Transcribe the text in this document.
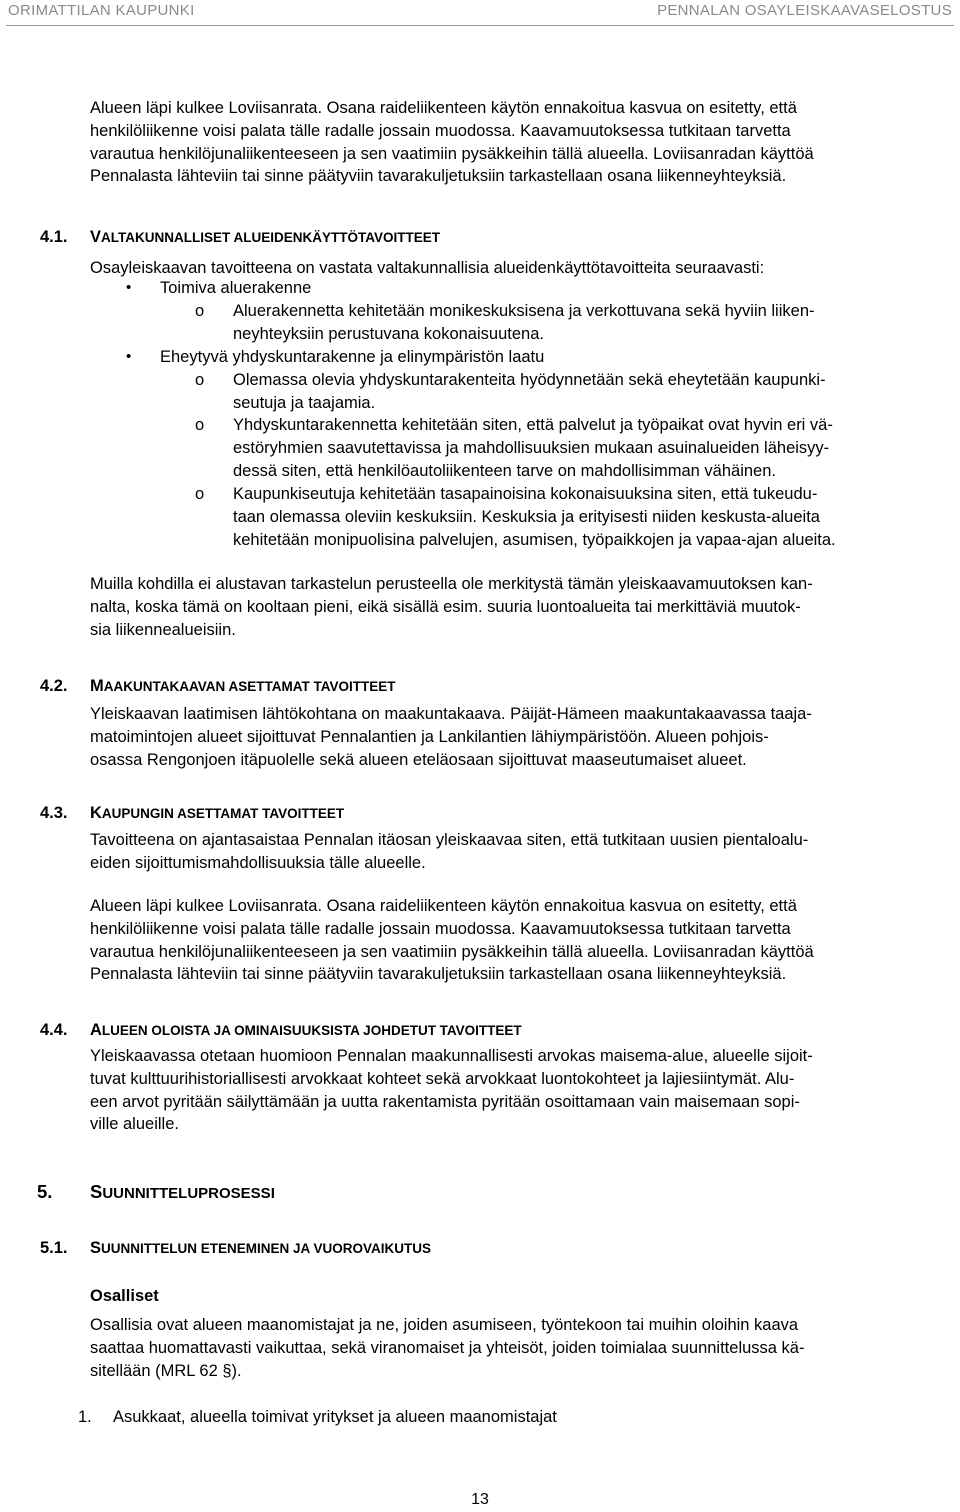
ORIMATTILAN KAUPUNKI	PENNALAN OSAYLEISKAAVASELOSTUS

Alueen läpi kulkee Loviisanrata. Osana raideliikenteen käytön ennakoitua kasvua on esitetty, että
henkilöliikenne voisi palata tälle radalle jossain muodossa. Kaavamuutoksessa tutkitaan tarvetta
varautua henkilöjunaliikenteeseen ja sen vaatimiin pysäkkeihin tällä alueella. Loviisanradan käyttöä
Pennalasta lähteviin tai sinne päätyviin tavarakuljetuksiin tarkastellaan osana liikenneyhteyksiä.

4.1. VALTAKUNNALLISET ALUEIDENKÄYTTÖTAVOITTEET

Osayleiskaavan tavoitteena on vastata valtakunnallisia alueidenkäyttötavoitteita seuraavasti:

• Toimiva aluerakenne
o Aluerakennetta kehitetään monikeskuksisena ja verkottuvana sekä hyviin liiken-
neyhteyksiin perustuvana kokonaisuutena.
• Eheytyvä yhdyskuntarakenne ja elinympäristön laatu
o Olemassa olevia yhdyskuntarakenteita hyödynnetään sekä eheytetään kaupunki-
seutuja ja taajamia.
o Yhdyskuntarakennetta kehitetään siten, että palvelut ja työpaikat ovat hyvin eri vä-
estöryhmien saavutettavissa ja mahdollisuuksien mukaan asuinalueiden läheisyy-
dessä siten, että henkilöautoliikenteen tarve on mahdollisimman vähäinen.
o Kaupunkiseutuja kehitetään tasapainoisina kokonaisuuksina siten, että tukeudu-
taan olemassa oleviin keskuksiin. Keskuksia ja erityisesti niiden keskusta-alueita
kehitetään monipuolisina palvelujen, asumisen, työpaikkojen ja vapaa-ajan alueita.

Muilla kohdilla ei alustavan tarkastelun perusteella ole merkitystä tämän yleiskaavamuutoksen kan-
nalta, koska tämä on kooltaan pieni, eikä sisällä esim. suuria luontoalueita tai merkittäviä muutok-
sia liikennealueisiin.

4.2. MAAKUNTAKAAVAN ASETTAMAT TAVOITTEET

Yleiskaavan laatimisen lähtökohtana on maakuntakaava. Päijät-Hämeen maakuntakaavassa taaja-
matoimintojen alueet sijoittuvat Pennalantien ja Lankilantien lähiympäristöön. Alueen pohjois-
osassa Rengonjoen itäpuolelle sekä alueen eteläosaan sijoittuvat maaseutumaiset alueet.

4.3. KAUPUNGIN ASETTAMAT TAVOITTEET

Tavoitteena on ajantasaistaa Pennalan itäosan yleiskaavaa siten, että tutkitaan uusien pientaloalu-
eiden sijoittumismahdollisuuksia tälle alueelle.

Alueen läpi kulkee Loviisanrata. Osana raideliikenteen käytön ennakoitua kasvua on esitetty, että
henkilöliikenne voisi palata tälle radalle jossain muodossa. Kaavamuutoksessa tutkitaan tarvetta
varautua henkilöjunaliikenteeseen ja sen vaatimiin pysäkkeihin tällä alueella. Loviisanradan käyttöä
Pennalasta lähteviin tai sinne päätyviin tavarakuljetuksiin tarkastellaan osana liikenneyhteyksiä.

4.4. ALUEEN OLOISTA JA OMINAISUUKSISTA JOHDETUT TAVOITTEET

Yleiskaavassa otetaan huomioon Pennalan maakunnallisesti arvokas maisema-alue, alueelle sijoit-
tuvat kulttuurihistoriallisesti arvokkaat kohteet sekä arvokkaat luontokohteet ja lajiesiintymät. Alu-
een arvot pyritään säilyttämään ja uutta rakentamista pyritään osoittamaan vain maisemaan sopi-
ville alueille.

5. SUUNNITTELUPROSESSI
5.1. SUUNNITTELUN ETENEMINEN JA VUOROVAIKUTUS
Osalliset

Osallisia ovat alueen maanomistajat ja ne, joiden asumiseen, työntekoon tai muihin oloihin kaava
saattaa huomattavasti vaikuttaa, sekä viranomaiset ja yhteisöt, joiden toimialaa suunnittelussa kä-
sitellään (MRL 62 §).

1. Asukkaat, alueella toimivat yritykset ja alueen maanomistajat
13
